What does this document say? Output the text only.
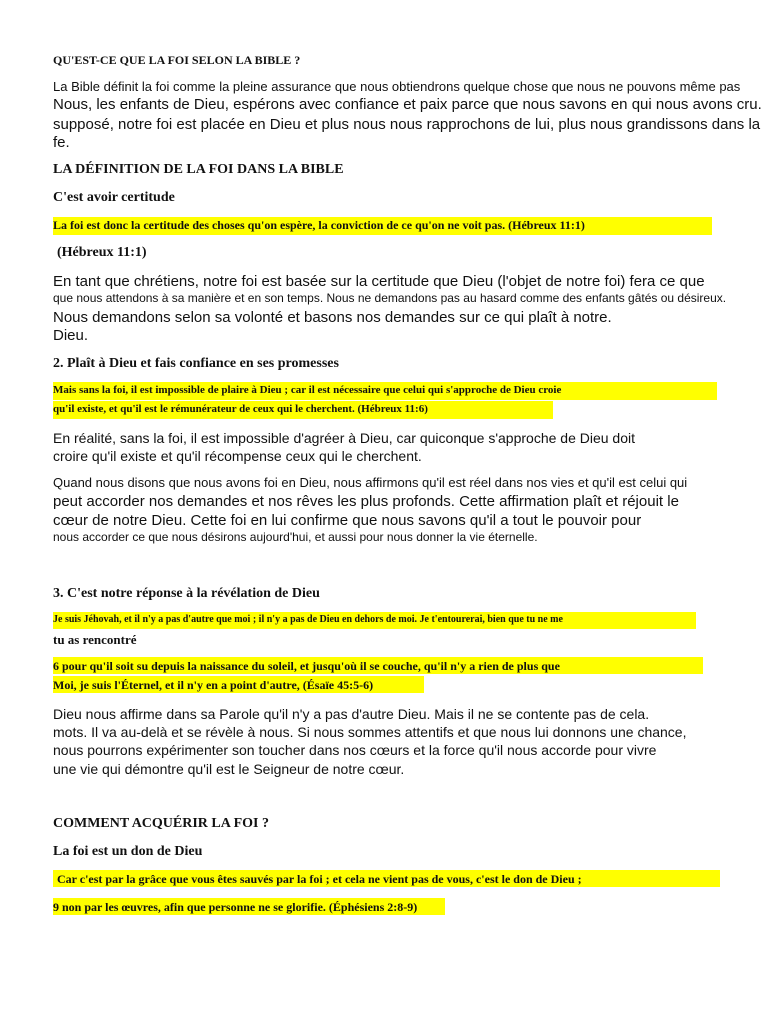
QU'EST-CE QUE LA FOI SELON LA BIBLE ?

La Bible définit la foi comme la pleine assurance que nous obtiendrons quelque chose que nous ne pouvons même pas

Nous, les enfants de Dieu, espérons avec confiance et paix parce que nous savons en qui nous avons cru.

supposé, notre foi est placée en Dieu et plus nous nous rapprochons de lui, plus nous grandissons dans la

fe.

LA DÉFINITION DE LA FOI DANS LA BIBLE

C'est avoir certitude

La foi est donc la certitude des choses qu'on espère, la conviction de ce qu'on ne voit pas. (Hébreux 11:1)

(Hébreux 11:1)

En tant que chrétiens, notre foi est basée sur la certitude que Dieu (l'objet de notre foi) fera ce que

que nous attendons à sa manière et en son temps. Nous ne demandons pas au hasard comme des enfants gâtés ou désireux.

Nous demandons selon sa volonté et basons nos demandes sur ce qui plaît à notre.

Dieu.

2. Plaît à Dieu et fais confiance en ses promesses

Mais sans la foi, il est impossible de plaire à Dieu ; car il est nécessaire que celui qui s'approche de Dieu croie

qu'il existe, et qu'il est le rémunérateur de ceux qui le cherchent. (Hébreux 11:6)

En réalité, sans la foi, il est impossible d'agréer à Dieu, car quiconque s'approche de Dieu doit

croire qu'il existe et qu'il récompense ceux qui le cherchent.

Quand nous disons que nous avons foi en Dieu, nous affirmons qu'il est réel dans nos vies et qu'il est celui qui

peut accorder nos demandes et nos rêves les plus profonds. Cette affirmation plaît et réjouit le

cœur de notre Dieu. Cette foi en lui confirme que nous savons qu'il a tout le pouvoir pour

nous accorder ce que nous désirons aujourd'hui, et aussi pour nous donner la vie éternelle.

3. C'est notre réponse à la révélation de Dieu

Je suis Jéhovah, et il n'y a pas d'autre que moi ; il n'y a pas de Dieu en dehors de moi. Je t'entourerai, bien que tu ne me

tu as rencontré

6 pour qu'il soit su depuis la naissance du soleil, et jusqu'où il se couche, qu'il n'y a rien de plus que

Moi, je suis l'Éternel, et il n'y en a point d'autre, (Ésaïe 45:5-6)

Dieu nous affirme dans sa Parole qu'il n'y a pas d'autre Dieu. Mais il ne se contente pas de cela.

mots. Il va au-delà et se révèle à nous. Si nous sommes attentifs et que nous lui donnons une chance,

nous pourrons expérimenter son toucher dans nos cœurs et la force qu'il nous accorde pour vivre

une vie qui démontre qu'il est le Seigneur de notre cœur.

COMMENT ACQUÉRIR LA FOI ?

La foi est un don de Dieu

Car c'est par la grâce que vous êtes sauvés par la foi ; et cela ne vient pas de vous, c'est le don de Dieu ;

9 non par les œuvres, afin que personne ne se glorifie. (Éphésiens 2:8-9)
